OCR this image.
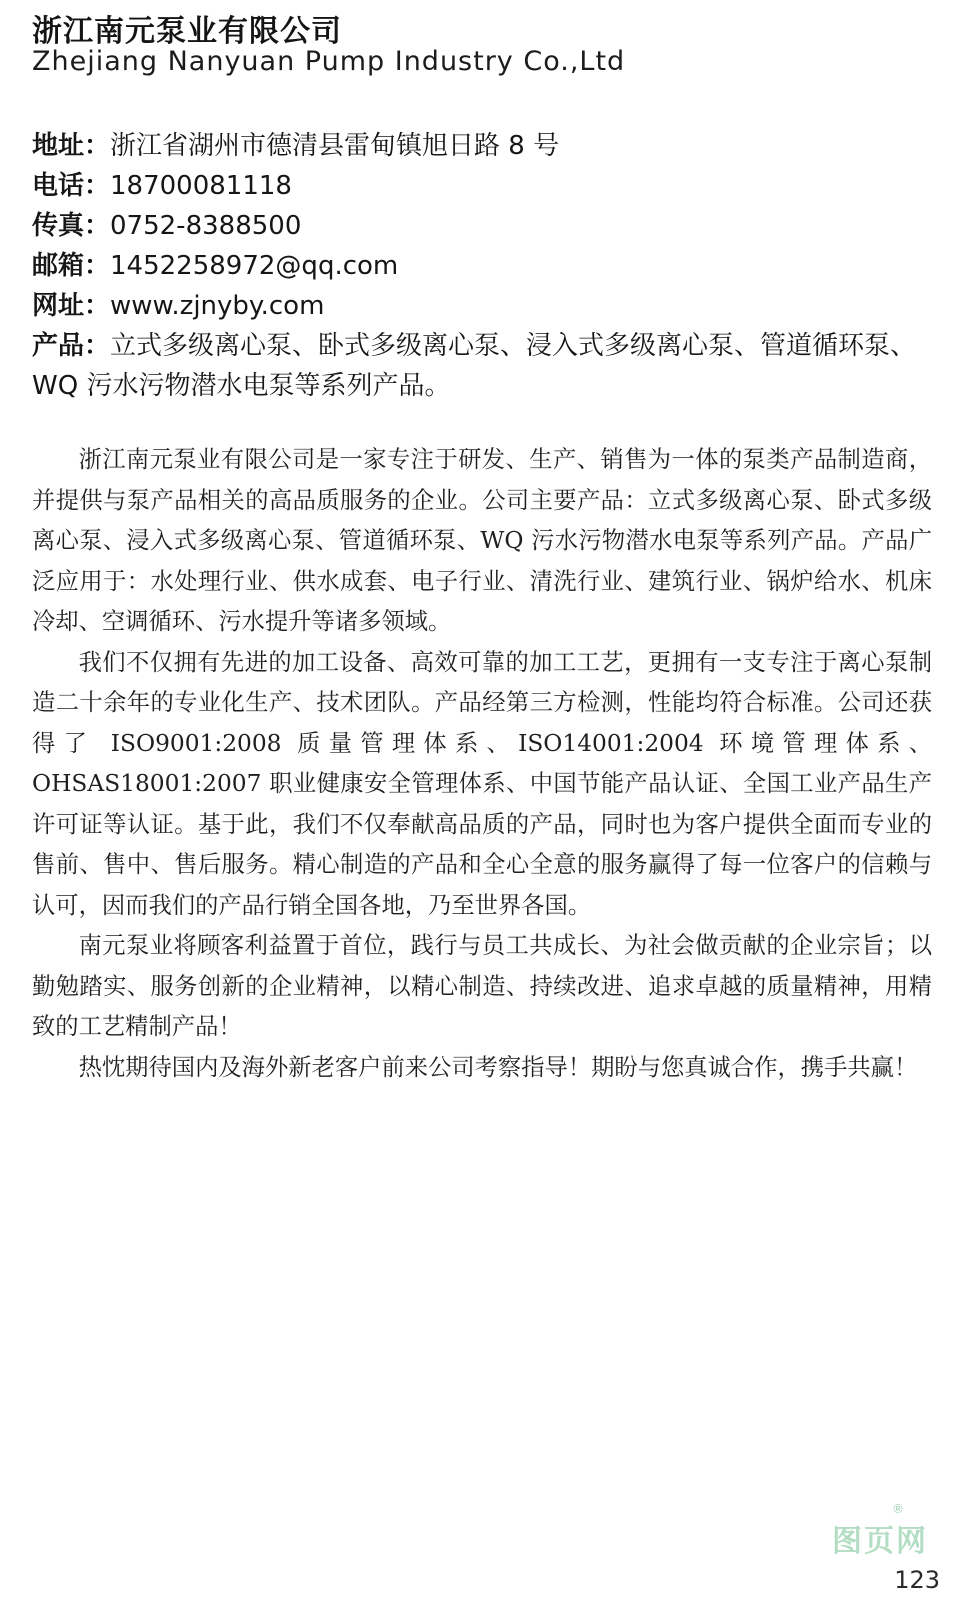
浙江南元泵业有限公司
Zhejiang Nanyuan Pump Industry Co.,Ltd
地址：浙江省湖州市德清县雷甸镇旭日路 8 号
电话：18700081118
传真：0752-8388500
邮箱：1452258972@qq.com
网址：www.zjnyby.com
产品：立式多级离心泵、卧式多级离心泵、浸入式多级离心泵、管道循环泵、WQ 污水污物潜水电泵等系列产品。

浙江南元泵业有限公司是一家专注于研发、生产、销售为一体的泵类产品制造商，并提供与泵产品相关的高品质服务的企业。公司主要产品：立式多级离心泵、卧式多级离心泵、浸入式多级离心泵、管道循环泵、WQ 污水污物潜水电泵等系列产品。产品广泛应用于：水处理行业、供水成套、电子行业、清洗行业、建筑行业、锅炉给水、机床冷却、空调循环、污水提升等诸多领域。

我们不仅拥有先进的加工设备、高效可靠的加工工艺，更拥有一支专注于离心泵制造二十余年的专业化生产、技术团队。产品经第三方检测，性能均符合标准。公司还获得了 ISO9001:2008 质量管理体系、ISO14001:2004 环境管理体系、OHSAS18001:2007 职业健康安全管理体系、中国节能产品认证、全国工业产品生产许可证等认证。基于此，我们不仅奉献高品质的产品，同时也为客户提供全面而专业的售前、售中、售后服务。精心制造的产品和全心全意的服务赢得了每一位客户的信赖与认可，因而我们的产品行销全国各地，乃至世界各国。

南元泵业将顾客利益置于首位，践行与员工共成长、为社会做贡献的企业宗旨；以勤勉踏实、服务创新的企业精神，以精心制造、持续改进、追求卓越的质量精神，用精致的工艺精制产品！

热忱期待国内及海外新老客户前来公司考察指导！期盼与您真诚合作，携手共赢！

图页网
®
123
